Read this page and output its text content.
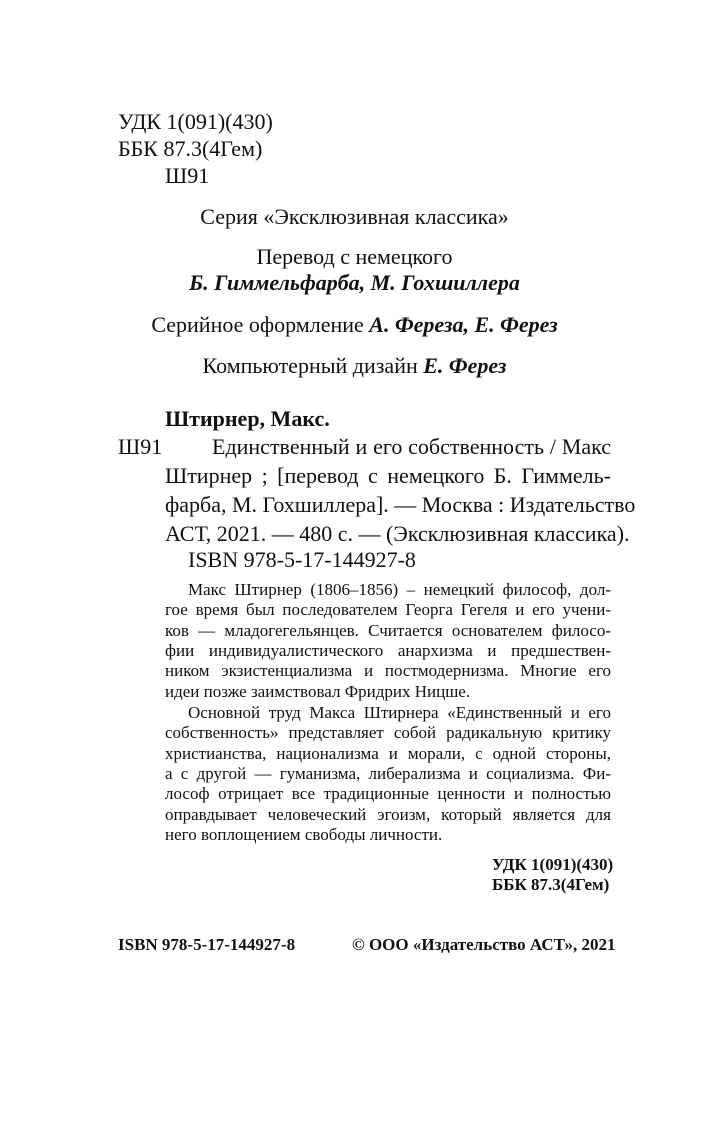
УДК 1(091)(430)
ББК 87.3(4Гем)
Ш91
Серия «Эксклюзивная классика»
Перевод с немецкого
Б. Гиммельфарба, М. Гохшиллера
Серийное оформление А. Фереза, Е. Ферез
Компьютерный дизайн Е. Ферез
Штирнер, Макс.
Ш91 Единственный и его собственность / Макс
Штирнер ; [перевод с немецкого Б. Гиммель-
фарба, М. Гохшиллера]. — Москва : Издательство
АСТ, 2021. — 480 с. — (Эксклюзивная классика).
ISBN 978-5-17-144927-8
Макс Штирнер (1806–1856) – немецкий философ, дол-
гое время был последователем Георга Гегеля и его учени-
ков — младогегельянцев. Считается основателем филосо-
фии индивидуалистического анархизма и предшествен-
ником экзистенциализма и постмодернизма. Многие его
идеи позже заимствовал Фридрих Ницше.
Основной труд Макса Штирнера «Единственный и его
собственность» представляет собой радикальную критику
христианства, национализма и морали, с одной стороны,
а с другой — гуманизма, либерализма и социализма. Фи-
лософ отрицает все традиционные ценности и полностью
оправдывает человеческий эгоизм, который является для
него воплощением свободы личности.
УДК 1(091)(430)
ББК 87.3(4Гем)
ISBN 978-5-17-144927-8	© ООО «Издательство АСТ», 2021
